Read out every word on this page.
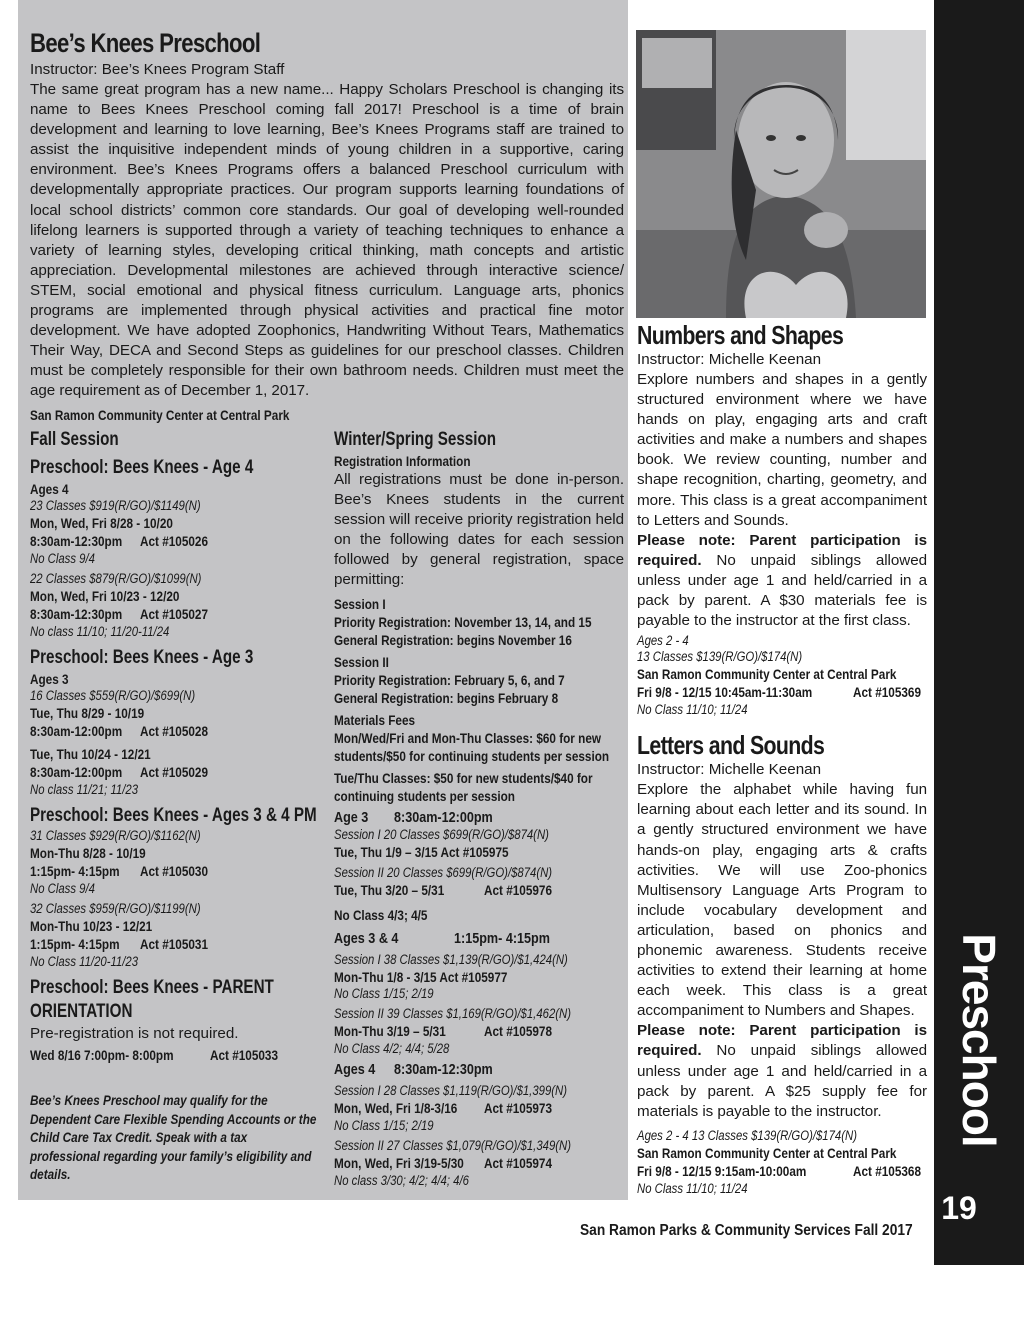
Bee’s Knees Preschool

Instructor: Bee’s Knees Program Staff

The same great program has a new name... Happy Scholars Preschool is changing its name to Bees Knees Preschool coming fall 2017! Preschool is a time of brain development and learning to love learning, Bee’s Knees Programs staff are trained to assist the inquisitive independent minds of young children in a supportive, caring environment. Bee’s Knees Programs offers a balanced Preschool curriculum with developmentally appropriate practices. Our program supports learning foundations of local school districts’ common core standards. Our goal of developing well-rounded lifelong learners is supported through a variety of teaching techniques to enhance a variety of learning styles, developing critical thinking, math concepts and artistic appreciation. Developmental milestones are achieved through interactive science/ STEM, social emotional and physical fitness curriculum. Language arts, phonics programs are implemented through physical activities and practical fine motor development. We have adopted Zoophonics, Handwriting Without Tears, Mathematics Their Way, DECA and Second Steps as guidelines for our preschool classes. Children must be completely responsible for their own bathroom needs. Children must meet the age requirement as of December 1, 2017.

San Ramon Community Center at Central Park
Fall Session
Preschool: Bees Knees - Age 4
Ages 4
23 Classes $919(R/GO)/$1149(N)
Mon, Wed, Fri 8/28 - 10/20
8:30am-12:30pm Act #105026
No Class 9/4
22 Classes $879(R/GO)/$1099(N)
Mon, Wed, Fri 10/23 - 12/20
8:30am-12:30pm Act #105027
No class 11/10; 11/20-11/24
Preschool: Bees Knees - Age 3
Ages 3
16 Classes $559(R/GO)/$699(N)
Tue, Thu 8/29 - 10/19
8:30am-12:00pm Act #105028
Tue, Thu 10/24 - 12/21
8:30am-12:00pm Act #105029
No class 11/21; 11/23
Preschool: Bees Knees - Ages 3 & 4 PM
31 Classes $929(R/GO)/$1162(N)
Mon-Thu 8/28 - 10/19
1:15pm- 4:15pm Act #105030
No Class 9/4
32 Classes $959(R/GO)/$1199(N)
Mon-Thu 10/23 - 12/21
1:15pm- 4:15pm Act #105031
No Class 11/20-11/23
Preschool: Bees Knees - PARENT
ORIENTATION
Pre-registration is not required.
Wed 8/16 7:00pm- 8:00pm	Act #105033

Bee’s Knees Preschool may qualify for the Dependent Care Flexible Spending Accounts or the Child Care Tax Credit. Speak with a tax professional regarding your family’s eligibility and details.

Winter/Spring Session
Registration Information

All registrations must be done in-person. Bee’s Knees students in the current session will receive priority registration held on the following dates for each session followed by general registration, space permitting:

Session I
Priority Registration: November 13, 14, and 15
General Registration: begins November 16
Session II
Priority Registration: February 5, 6, and 7
General Registration: begins February 8
Materials Fees
Mon/Wed/Fri and Mon-Thu Classes: $60 for new
students/$50 for continuing students per session
Tue/Thu Classes: $50 for new students/$40 for
continuing students per session
Age 3 8:30am-12:00pm
Session I 20 Classes $699(R/GO)/$874(N)
Tue, Thu 1/9 – 3/15 Act #105975
Session II 20 Classes $699(R/GO)/$874(N)
Tue, Thu 3/20 – 5/31	Act #105976
No Class 4/3; 4/5
Ages 3 & 4	1:15pm- 4:15pm
Session I 38 Classes $1,139(R/GO)/$1,424(N)
Mon-Thu 1/8 - 3/15 Act #105977
No Class 1/15; 2/19
Session II 39 Classes $1,169(R/GO)/$1,462(N)
Mon-Thu 3/19 – 5/31	Act #105978
No Class 4/2; 4/4; 5/28
Ages 4 8:30am-12:30pm
Session I 28 Classes $1,119(R/GO)/$1,399(N)
Mon, Wed, Fri 1/8-3/16 Act #105973
No Class 1/15; 2/19
Session II 27 Classes $1,079(R/GO)/$1,349(N)
Mon, Wed, Fri 3/19-5/30 Act #105974
No class 3/30; 4/2; 4/4; 4/6
Numbers and Shapes

Instructor: Michelle Keenan

Explore numbers and shapes in a gently structured environment where we have hands on play, engaging arts and craft activities and make a numbers and shapes book. We review counting, number and shape recognition, charting, geometry, and more. This class is a great accompaniment to Letters and Sounds.

Please note: Parent participation is required. No unpaid siblings allowed unless under age 1 and held/carried in a pack by parent. A $30 materials fee is payable to the instructor at the first class.

Ages 2 - 4
13 Classes $139(R/GO)/$174(N)
San Ramon Community Center at Central Park
Fri 9/8 - 12/15 10:45am-11:30am	Act #105369
No Class 11/10; 11/24
Letters and Sounds

Instructor: Michelle Keenan

Explore the alphabet while having fun learning about each letter and its sound. In a gently structured environment we have hands-on play, engaging arts & crafts activities. We will use Zoo-phonics Multisensory Language Arts Program to include vocabulary development and articulation, based on phonics and phonemic awareness. Students receive activities to extend their learning at home each week. This class is a great accompaniment to Numbers and Shapes.

Please note: Parent participation is required. No unpaid siblings allowed unless under age 1 and held/carried in a pack by parent. A $25 supply fee for materials is payable to the instructor.

Ages 2 - 4 13 Classes $139(R/GO)/$174(N)
San Ramon Community Center at Central Park
Fri 9/8 - 12/15 9:15am-10:00am	Act #105368
No Class 11/10; 11/24
Preschool
19
San Ramon Parks & Community Services Fall 2017
